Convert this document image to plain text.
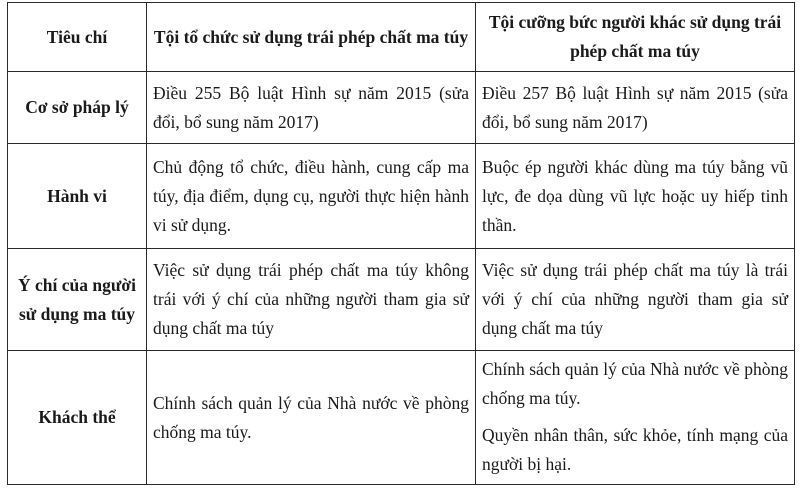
Tiêu chí	Tội tổ chức sử dụng trái phép chất ma túy	Tội cưỡng bức người khác sử dụng trái phép chất ma túy
Cơ sở pháp lý	Điều 255 Bộ luật Hình sự năm 2015 (sửa đổi, bổ sung năm 2017)	Điều 257 Bộ luật Hình sự năm 2015 (sửa đổi, bổ sung năm 2017)
Hành vi	Chủ động tổ chức, điều hành, cung cấp ma túy, địa điểm, dụng cụ, người thực hiện hành vi sử dụng.	Buộc ép người khác dùng ma túy bằng vũ lực, đe dọa dùng vũ lực hoặc uy hiếp tinh thần.
Ý chí của người sử dụng ma túy	Việc sử dụng trái phép chất ma túy không trái với ý chí của những người tham gia sử dụng chất ma túy	Việc sử dụng trái phép chất ma túy là trái với ý chí của những người tham gia sử dụng chất ma túy
Khách thể	Chính sách quản lý của Nhà nước về phòng chống ma túy.	Chính sách quản lý của Nhà nước về phòng chống ma túy.

Quyền nhân thân, sức khỏe, tính mạng của người bị hại.
